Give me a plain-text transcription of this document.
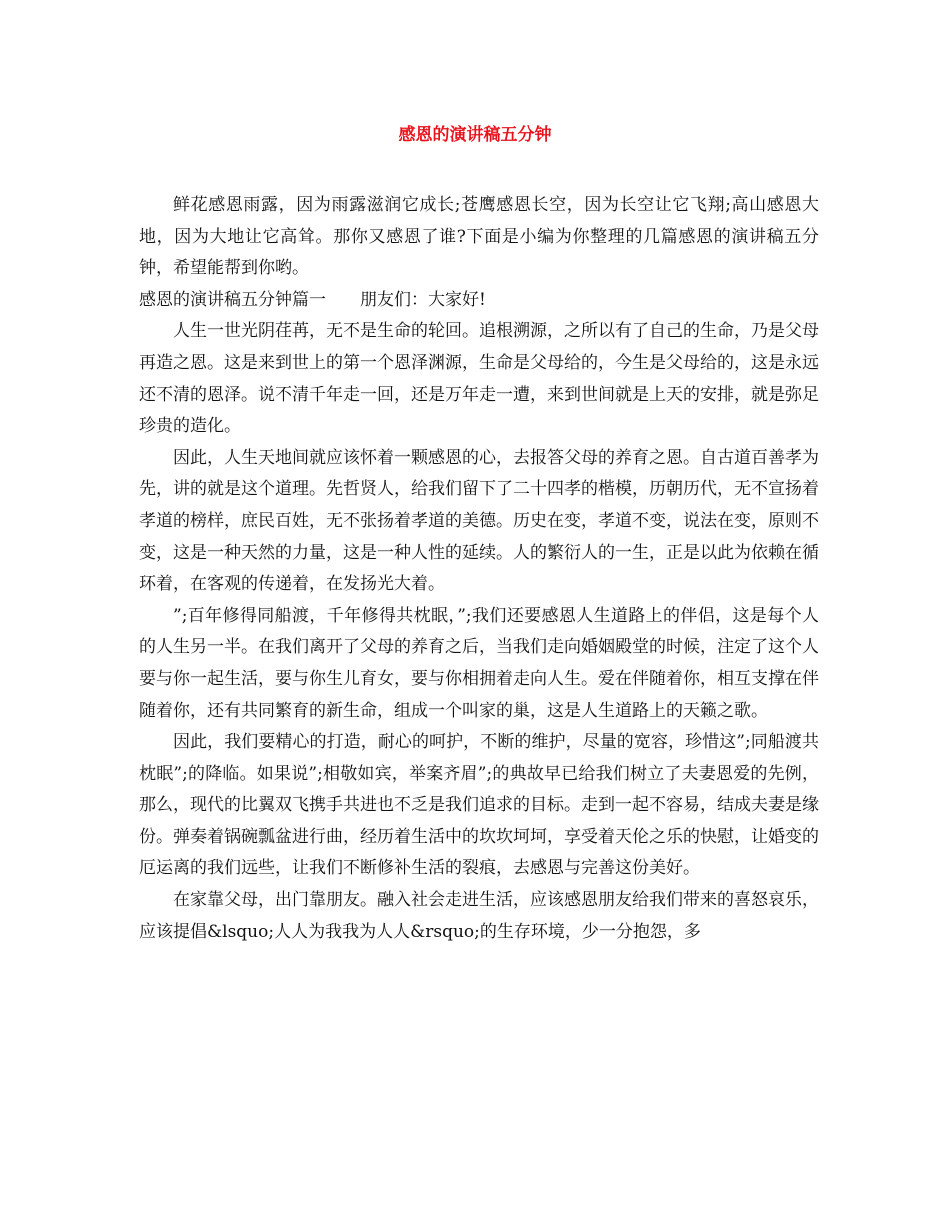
感恩的演讲稿五分钟

鲜花感恩雨露，因为雨露滋润它成长;苍鹰感恩长空，因为长空让它飞翔;高山感恩大地，因为大地让它高耸。那你又感恩了谁?下面是小编为你整理的几篇感恩的演讲稿五分钟，希望能帮到你哟。

感恩的演讲稿五分钟篇一　　朋友们：大家好!

人生一世光阴荏苒，无不是生命的轮回。追根溯源，之所以有了自己的生命，乃是父母再造之恩。这是来到世上的第一个恩泽渊源，生命是父母给的，今生是父母给的，这是永远还不清的恩泽。说不清千年走一回，还是万年走一遭，来到世间就是上天的安排，就是弥足珍贵的造化。

因此，人生天地间就应该怀着一颗感恩的心，去报答父母的养育之恩。自古道百善孝为先，讲的就是这个道理。先哲贤人，给我们留下了二十四孝的楷模，历朝历代，无不宣扬着孝道的榜样，庶民百姓，无不张扬着孝道的美德。历史在变，孝道不变，说法在变，原则不变，这是一种天然的力量，这是一种人性的延续。人的繁衍人的一生，正是以此为依赖在循环着，在客观的传递着，在发扬光大着。

”;百年修得同船渡，千年修得共枕眠，”;我们还要感恩人生道路上的伴侣，这是每个人的人生另一半。在我们离开了父母的养育之后，当我们走向婚姻殿堂的时候，注定了这个人要与你一起生活，要与你生儿育女，要与你相拥着走向人生。爱在伴随着你，相互支撑在伴随着你，还有共同繁育的新生命，组成一个叫家的巢，这是人生道路上的天籁之歌。

因此，我们要精心的打造，耐心的呵护，不断的维护，尽量的宽容，珍惜这”;同船渡共枕眠”;的降临。如果说”;相敬如宾，举案齐眉”;的典故早已给我们树立了夫妻恩爱的先例，那么，现代的比翼双飞携手共进也不乏是我们追求的目标。走到一起不容易，结成夫妻是缘份。弹奏着锅碗瓢盆进行曲，经历着生活中的坎坎坷坷，享受着天伦之乐的快慰，让婚变的厄运离的我们远些，让我们不断修补生活的裂痕，去感恩与完善这份美好。

在家靠父母，出门靠朋友。融入社会走进生活，应该感恩朋友给我们带来的喜怒哀乐，应该提倡&lsquo;人人为我我为人人&rsquo;的生存环境，少一分抱怨，多
